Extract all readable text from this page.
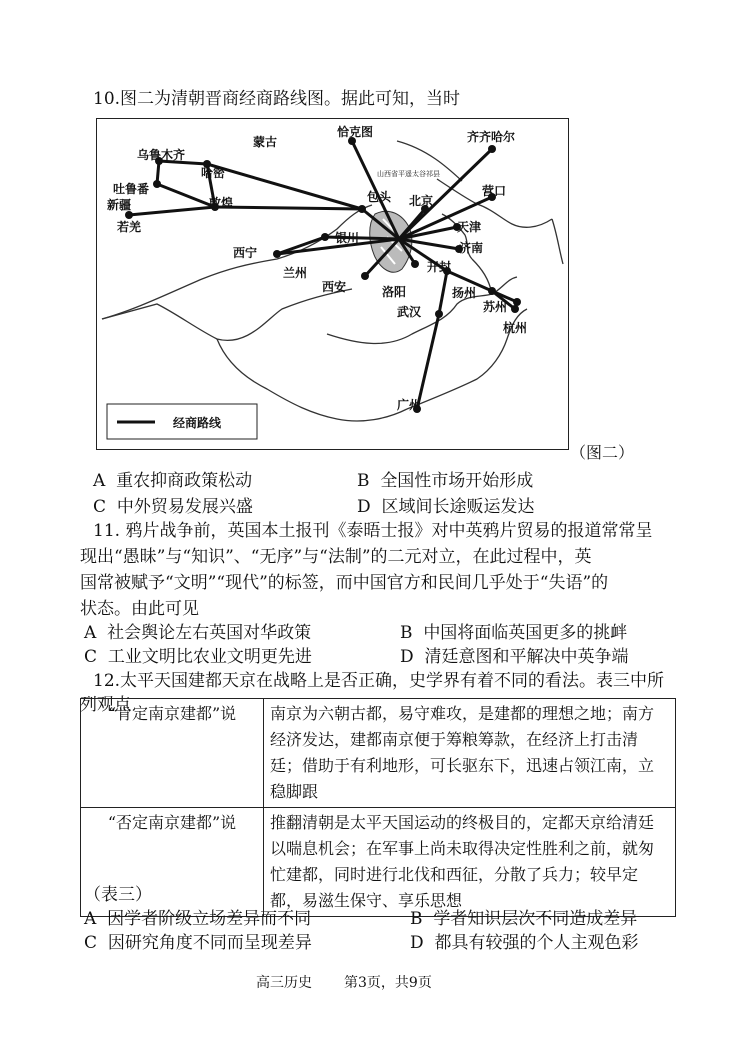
10.图二为清朝晋商经商路线图。据此可知，当时
蒙古
恰克图	齐齐哈尔
乌鲁木齐
哈密
吐鲁番
新疆
若羌
敦煌	包头 北京
营口
天津
银川
西宁	济南
兰州
西安	洛阳
开封
扬州
苏州
杭州
武汉
广州
山西省平遥太谷祁县
经商路线
（图二）
A 重农抑商政策松动	B 全国性市场开始形成
C 中外贸易发展兴盛	D 区域间长途贩运发达
11. 鸦片战争前，英国本土报刊《泰晤士报》对中英鸦片贸易的报道常常呈
现出“愚昧”与“知识”、“无序”与“法制”的二元对立，在此过程中，英
国常被赋予“文明”“现代”的标签，而中国官方和民间几乎处于“失语”的
状态。由此可见
A 社会舆论左右英国对华政策	B 中国将面临英国更多的挑衅
C 工业文明比农业文明更先进	D 清廷意图和平解决中英争端
12.太平天国建都天京在战略上是否正确，史学界有着不同的看法。表三中所
列观点
“肯定南京建都”说	南京为六朝古都，易守难攻，是建都的理想之地；南方经济发达，建都南京便于筹粮筹款，在经济上打击清廷；借助于有利地形，可长驱东下，迅速占领江南，立稳脚跟
“否定南京建都”说	推翻清朝是太平天国运动的终极目的，定都天京给清廷以喘息机会；在军事上尚未取得决定性胜利之前，就匆忙建都，同时进行北伐和西征，分散了兵力；较早定都，易滋生保守、享乐思想
（表三）
A 因学者阶级立场差异而不同	B 学者知识层次不同造成差异
C 因研究角度不同而呈现差异	D 都具有较强的个人主观色彩
高三历史 第3页，共9页
